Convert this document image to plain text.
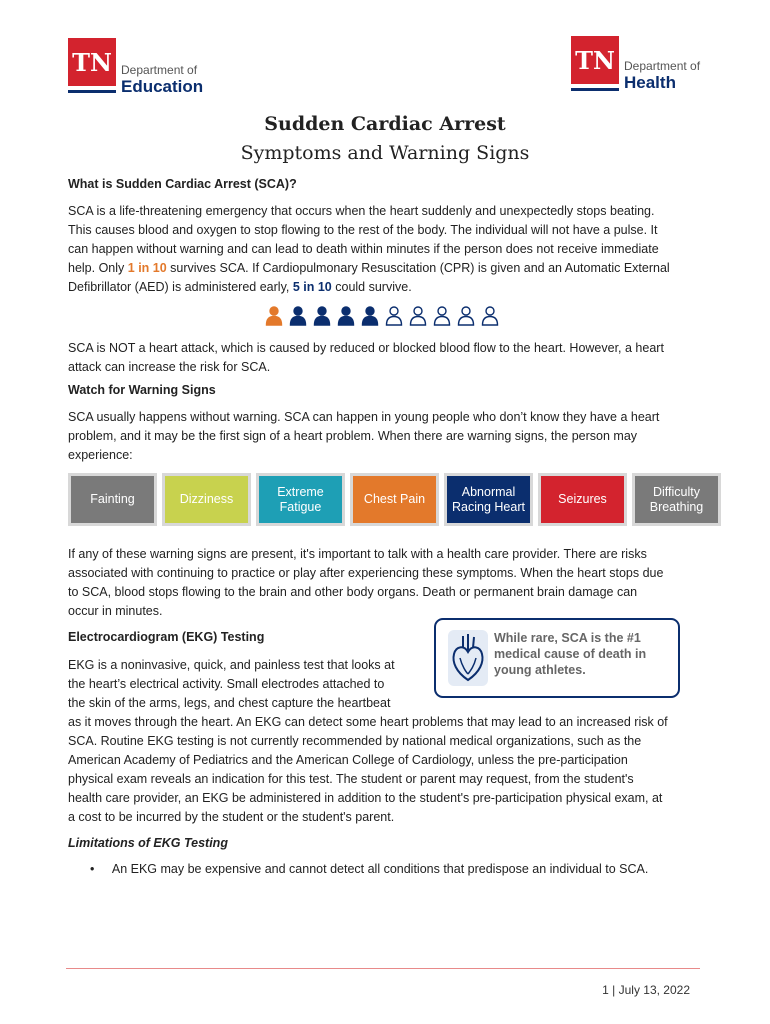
TN Department of
Education
TN Department of
Health
Sudden Cardiac Arrest
Symptoms and Warning Signs
What is Sudden Cardiac Arrest (SCA)?
SCA is a life-threatening emergency that occurs when the heart suddenly and unexpectedly stops beating.
This causes blood and oxygen to stop flowing to the rest of the body. The individual will not have a pulse. It
can happen without warning and can lead to death within minutes if the person does not receive immediate
help. Only 1 in 10 survives SCA. If Cardiopulmonary Resuscitation (CPR) is given and an Automatic External
Defibrillator (AED) is administered early, 5 in 10 could survive.
SCA is NOT a heart attack, which is caused by reduced or blocked blood flow to the heart. However, a heart
attack can increase the risk for SCA.
Watch for Warning Signs
SCA usually happens without warning. SCA can happen in young people who don’t know they have a heart
problem, and it may be the first sign of a heart problem. When there are warning signs, the person may
experience:
Fainting	Dizziness
Extreme Fatigue
Chest Pain
Abnormal Racing Heart
Seizures
Difficulty Breathing
If any of these warning signs are present, it's important to talk with a health care provider. There are risks
associated with continuing to practice or play after experiencing these symptoms. When the heart stops due
to SCA, blood stops flowing to the brain and other body organs. Death or permanent brain damage can
occur in minutes.
Electrocardiogram (EKG) Testing
EKG is a noninvasive, quick, and painless test that looks at
the heart’s electrical activity. Small electrodes attached to
the skin of the arms, legs, and chest capture the heartbeat
as it moves through the heart. An EKG can detect some heart problems that may lead to an increased risk of
SCA. Routine EKG testing is not currently recommended by national medical organizations, such as the
American Academy of Pediatrics and the American College of Cardiology, unless the pre-participation
physical exam reveals an indication for this test. The student or parent may request, from the student's
health care provider, an EKG be administered in addition to the student's pre-participation physical exam, at
a cost to be incurred by the student or the student's parent.
While rare, SCA is the #1 medical cause of death in young athletes.
Limitations of EKG Testing
• An EKG may be expensive and cannot detect all conditions that predispose an individual to SCA.
1 | July 13, 2022
